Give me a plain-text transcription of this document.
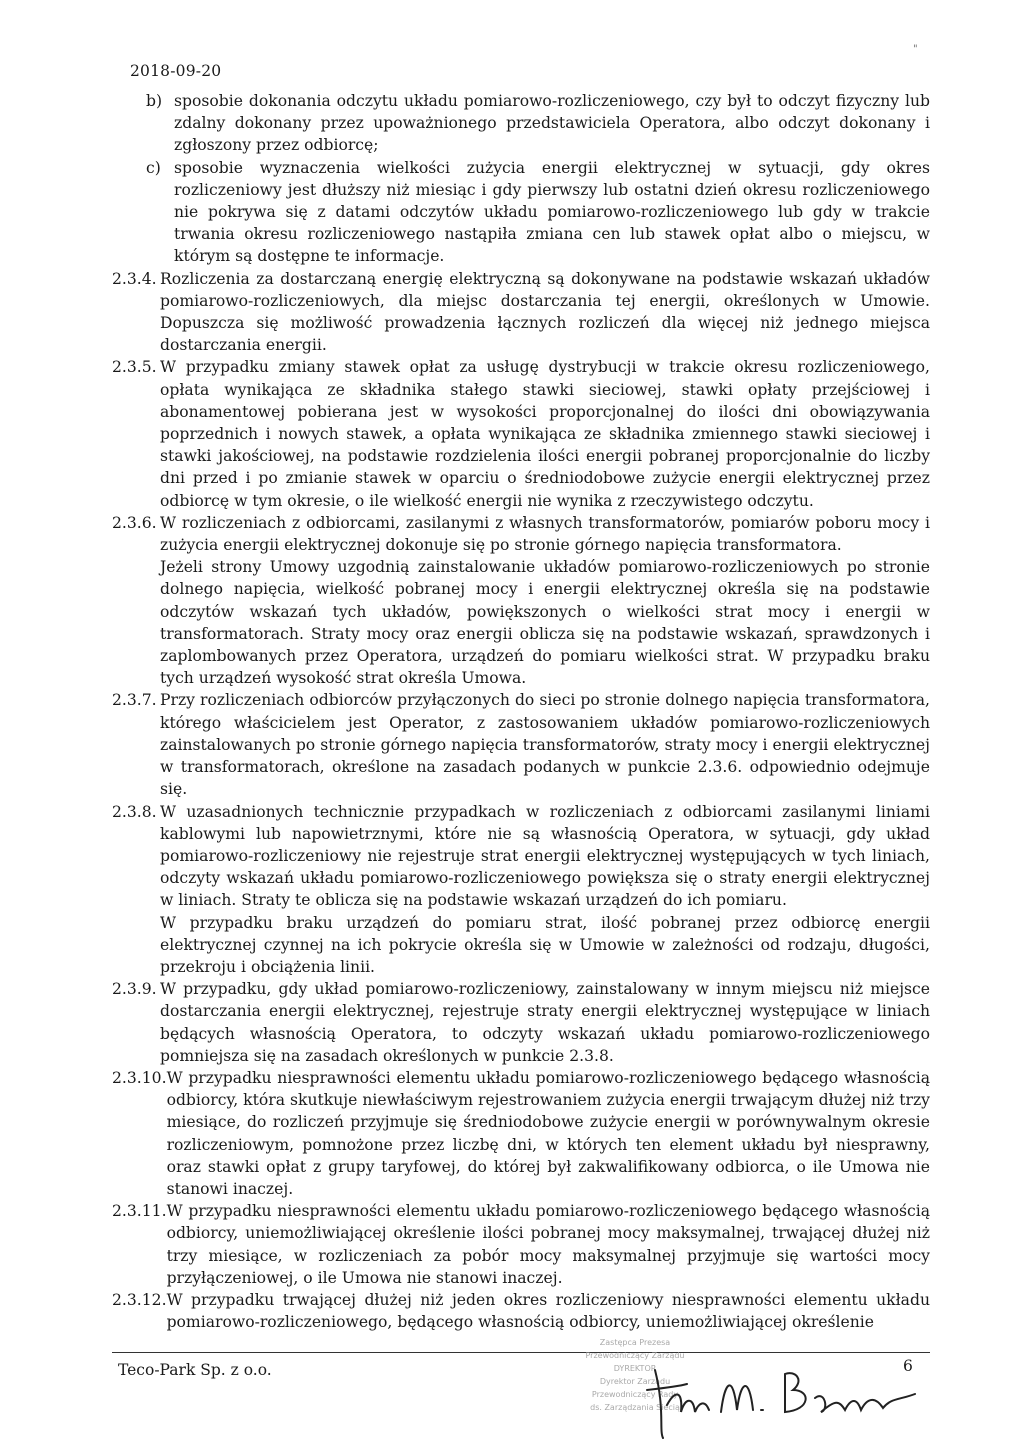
2018-09-20
"
b) sposobie dokonania odczytu układu pomiarowo-rozliczeniowego, czy był to odczyt fizyczny lub zdalny dokonany przez upoważnionego przedstawiciela Operatora, albo odczyt dokonany i zgłoszony przez odbiorcę;
c) sposobie wyznaczenia wielkości zużycia energii elektrycznej w sytuacji, gdy okres rozliczeniowy jest dłuższy niż miesiąc i gdy pierwszy lub ostatni dzień okresu rozliczeniowego nie pokrywa się z datami odczytów układu pomiarowo-rozliczeniowego lub gdy w trakcie trwania okresu rozliczeniowego nastąpiła zmiana cen lub stawek opłat albo o miejscu, w którym są dostępne te informacje.
2.3.4. Rozliczenia za dostarczaną energię elektryczną są dokonywane na podstawie wskazań układów pomiarowo-rozliczeniowych, dla miejsc dostarczania tej energii, określonych w Umowie. Dopuszcza się możliwość prowadzenia łącznych rozliczeń dla więcej niż jednego miejsca dostarczania energii.

2.3.5. W przypadku zmiany stawek opłat za usługę dystrybucji w trakcie okresu rozliczeniowego, opłata wynikająca ze składnika stałego stawki sieciowej, stawki opłaty przejściowej i abonamentowej pobierana jest w wysokości proporcjonalnej do ilości dni obowiązywania poprzednich i nowych stawek, a opłata wynikająca ze składnika zmiennego stawki sieciowej i stawki jakościowej, na podstawie rozdzielenia ilości energii pobranej proporcjonalnie do liczby dni przed i po zmianie stawek w oparciu o średniodobowe zużycie energii elektrycznej przez odbiorcę w tym okresie, o ile wielkość energii nie wynika z rzeczywistego odczytu.

2.3.6. W rozliczeniach z odbiorcami, zasilanymi z własnych transformatorów, pomiarów poboru mocy i zużycia energii elektrycznej dokonuje się po stronie górnego napięcia transformatora.

Jeżeli strony Umowy uzgodnią zainstalowanie układów pomiarowo-rozliczeniowych po stronie dolnego napięcia, wielkość pobranej mocy i energii elektrycznej określa się na podstawie odczytów wskazań tych układów, powiększonych o wielkości strat mocy i energii w transformatorach. Straty mocy oraz energii oblicza się na podstawie wskazań, sprawdzonych i zaplombowanych przez Operatora, urządzeń do pomiaru wielkości strat. W przypadku braku tych urządzeń wysokość strat określa Umowa.

2.3.7. Przy rozliczeniach odbiorców przyłączonych do sieci po stronie dolnego napięcia transformatora, którego właścicielem jest Operator, z zastosowaniem układów pomiarowo-rozliczeniowych zainstalowanych po stronie górnego napięcia transformatorów, straty mocy i energii elektrycznej w transformatorach, określone na zasadach podanych w punkcie 2.3.6. odpowiednio odejmuje się.

2.3.8. W uzasadnionych technicznie przypadkach w rozliczeniach z odbiorcami zasilanymi liniami kablowymi lub napowietrznymi, które nie są własnością Operatora, w sytuacji, gdy układ pomiarowo-rozliczeniowy nie rejestruje strat energii elektrycznej występujących w tych liniach, odczyty wskazań układu pomiarowo-rozliczeniowego powiększa się o straty energii elektrycznej w liniach. Straty te oblicza się na podstawie wskazań urządzeń do ich pomiaru.

W przypadku braku urządzeń do pomiaru strat, ilość pobranej przez odbiorcę energii elektrycznej czynnej na ich pokrycie określa się w Umowie w zależności od rodzaju, długości, przekroju i obciążenia linii.

2.3.9. W przypadku, gdy układ pomiarowo-rozliczeniowy, zainstalowany w innym miejscu niż miejsce dostarczania energii elektrycznej, rejestruje straty energii elektrycznej występujące w liniach będących własnością Operatora, to odczyty wskazań układu pomiarowo-rozliczeniowego pomniejsza się na zasadach określonych w punkcie 2.3.8.

2.3.10. W przypadku niesprawności elementu układu pomiarowo-rozliczeniowego będącego własnością odbiorcy, która skutkuje niewłaściwym rejestrowaniem zużycia energii trwającym dłużej niż trzy miesiące, do rozliczeń przyjmuje się średniodobowe zużycie energii w porównywalnym okresie rozliczeniowym, pomnożone przez liczbę dni, w których ten element układu był niesprawny, oraz stawki opłat z grupy taryfowej, do której był zakwalifikowany odbiorca, o ile Umowa nie stanowi inaczej.

2.3.11. W przypadku niesprawności elementu układu pomiarowo-rozliczeniowego będącego własnością odbiorcy, uniemożliwiającej określenie ilości pobranej mocy maksymalnej, trwającej dłużej niż trzy miesiące, w rozliczeniach za pobór mocy maksymalnej przyjmuje się wartości mocy przyłączeniowej, o ile Umowa nie stanowi inaczej.

2.3.12. W przypadku trwającej dłużej niż jeden okres rozliczeniowy niesprawności elementu układu pomiarowo-rozliczeniowego, będącego własnością odbiorcy, uniemożliwiającej określenie

Teco-Park Sp. z o.o.	6
Zastępca Prezesa
Przewodniczący Zarządu
DYREKTOR
Dyrektor Zarządu
Przewodniczący Rady
ds. Zarządzania Siecią
